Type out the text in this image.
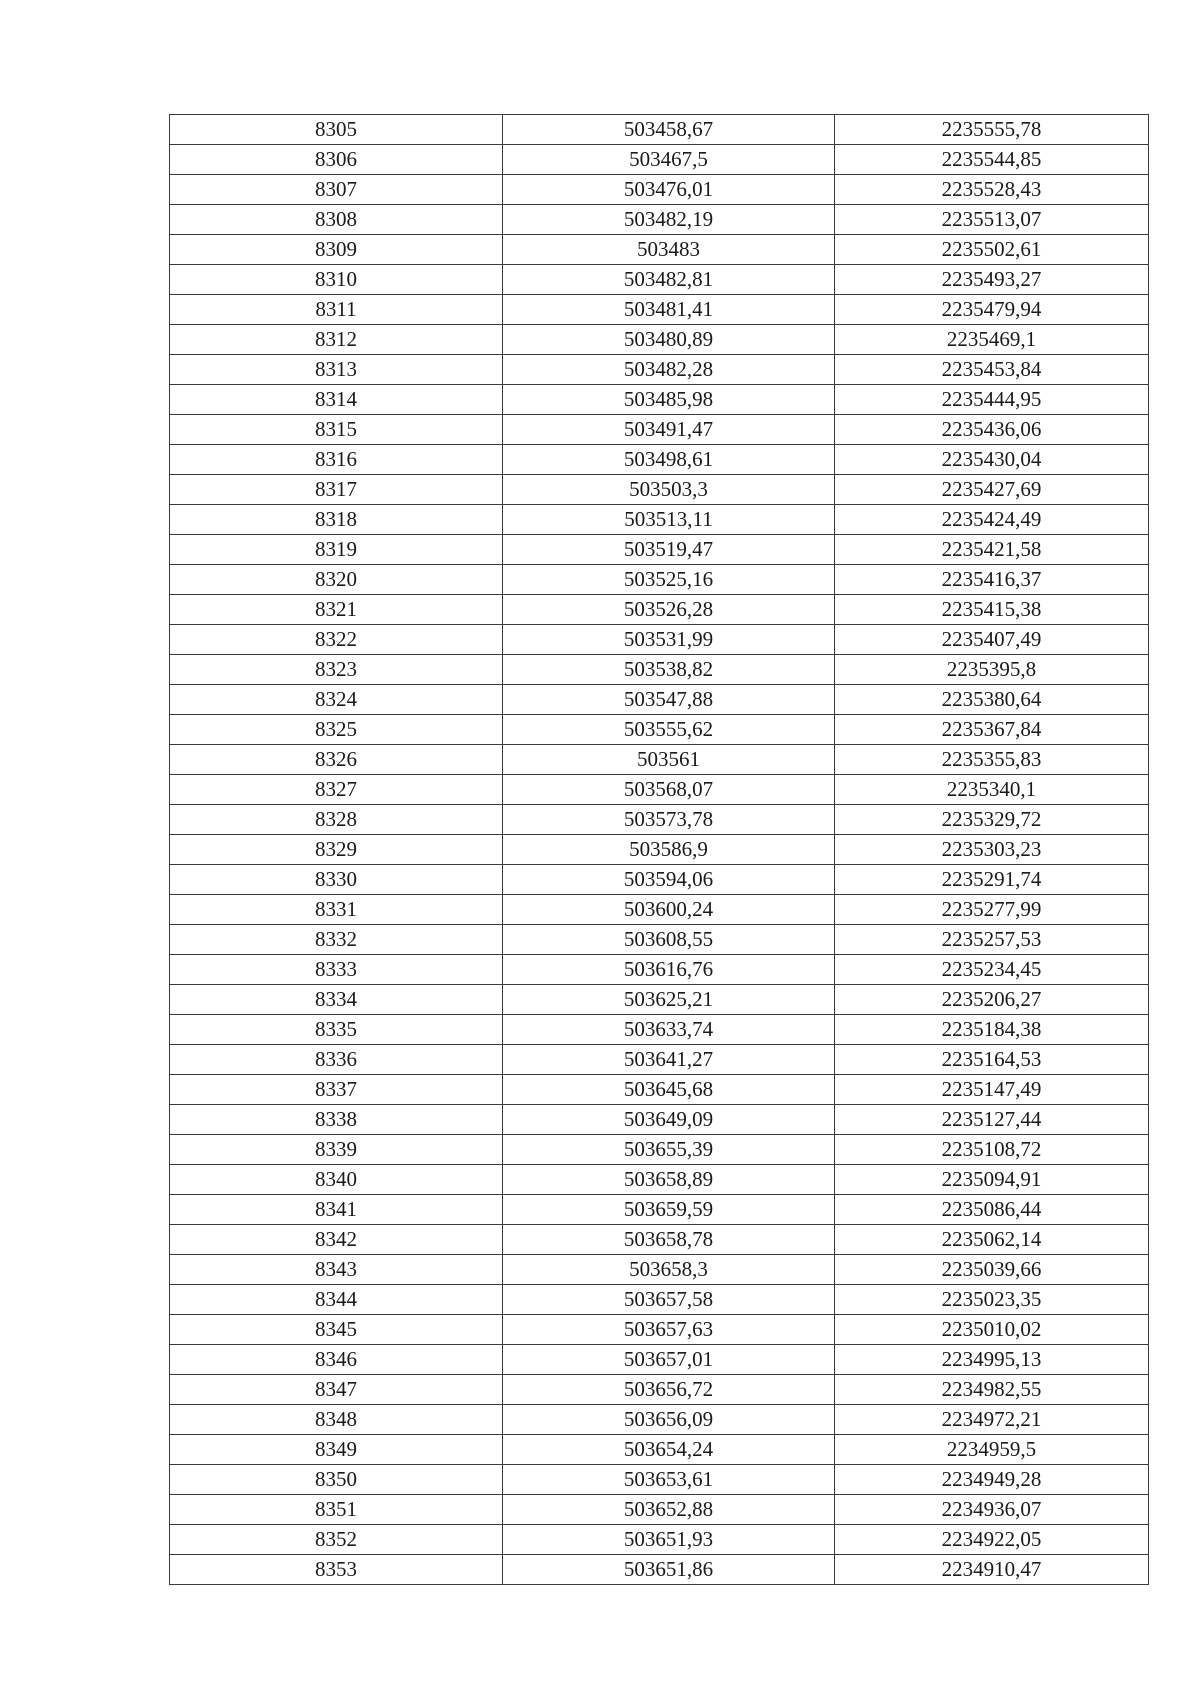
8305	503458,67	2235555,78
8306	503467,5	2235544,85
8307	503476,01	2235528,43
8308	503482,19	2235513,07
8309	503483	2235502,61
8310	503482,81	2235493,27
8311	503481,41	2235479,94
8312	503480,89	2235469,1
8313	503482,28	2235453,84
8314	503485,98	2235444,95
8315	503491,47	2235436,06
8316	503498,61	2235430,04
8317	503503,3	2235427,69
8318	503513,11	2235424,49
8319	503519,47	2235421,58
8320	503525,16	2235416,37
8321	503526,28	2235415,38
8322	503531,99	2235407,49
8323	503538,82	2235395,8
8324	503547,88	2235380,64
8325	503555,62	2235367,84
8326	503561	2235355,83
8327	503568,07	2235340,1
8328	503573,78	2235329,72
8329	503586,9	2235303,23
8330	503594,06	2235291,74
8331	503600,24	2235277,99
8332	503608,55	2235257,53
8333	503616,76	2235234,45
8334	503625,21	2235206,27
8335	503633,74	2235184,38
8336	503641,27	2235164,53
8337	503645,68	2235147,49
8338	503649,09	2235127,44
8339	503655,39	2235108,72
8340	503658,89	2235094,91
8341	503659,59	2235086,44
8342	503658,78	2235062,14
8343	503658,3	2235039,66
8344	503657,58	2235023,35
8345	503657,63	2235010,02
8346	503657,01	2234995,13
8347	503656,72	2234982,55
8348	503656,09	2234972,21
8349	503654,24	2234959,5
8350	503653,61	2234949,28
8351	503652,88	2234936,07
8352	503651,93	2234922,05
8353	503651,86	2234910,47
